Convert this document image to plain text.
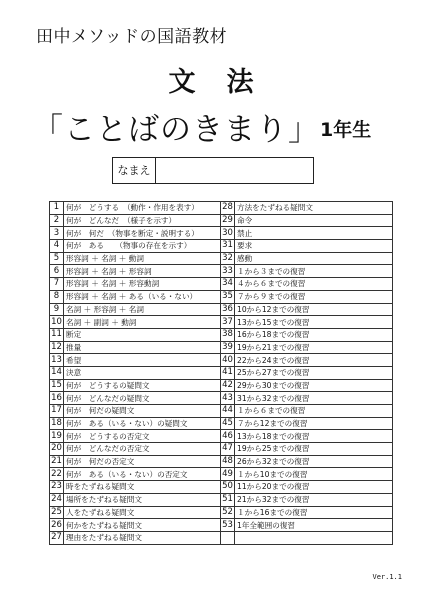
田中メソッドの国語教材
文　法
「ことばのきまり」 1年生
なまえ
1	何が　どうする　（動作・作用を表す）	28	方法をたずねる疑問文
2	何が　どんなだ　（様子を示す）	29	命令
3	何が　何だ　（物事を断定・説明する）	30	禁止
4	何が　ある　　（物事の存在を示す）	31	要求
5	形容詞 ＋ 名詞 ＋ 動詞	32	感動
6	形容詞 ＋ 名詞 ＋ 形容詞	33	１から３までの復習
7	形容詞 ＋ 名詞 ＋ 形容動詞	34	４から６までの復習
8	形容詞 ＋ 名詞 ＋ ある（いる・ない）	35	７から９までの復習
9	名詞 ＋ 形容詞 ＋ 名詞	36	10から12までの復習
10	名詞 ＋ 副詞 ＋ 動詞	37	13から15までの復習
11	断定	38	16から18までの復習
12	推量	39	19から21までの復習
13	希望	40	22から24までの復習
14	決意	41	25から27までの復習
15	何が　どうするの疑問文	42	29から30までの復習
16	何が　どんなだの疑問文	43	31から32までの復習
17	何が　何だの疑問文	44	１から６までの復習
18	何が　ある（いる・ない）の疑問文	45	７から12までの復習
19	何が　どうするの否定文	46	13から18までの復習
20	何が　どんなだの否定文	47	19から25までの復習
21	何が　何だの否定文	48	26から32までの復習
22	何が　ある（いる・ない）の否定文	49	１から10までの復習
23	時をたずねる疑問文	50	11から20までの復習
24	場所をたずねる疑問文	51	21から32までの復習
25	人をたずねる疑問文	52	１から16までの復習
26	何かをたずねる疑問文	53	1年全範囲の復習
27	理由をたずねる疑問文		
Ver.1.1
